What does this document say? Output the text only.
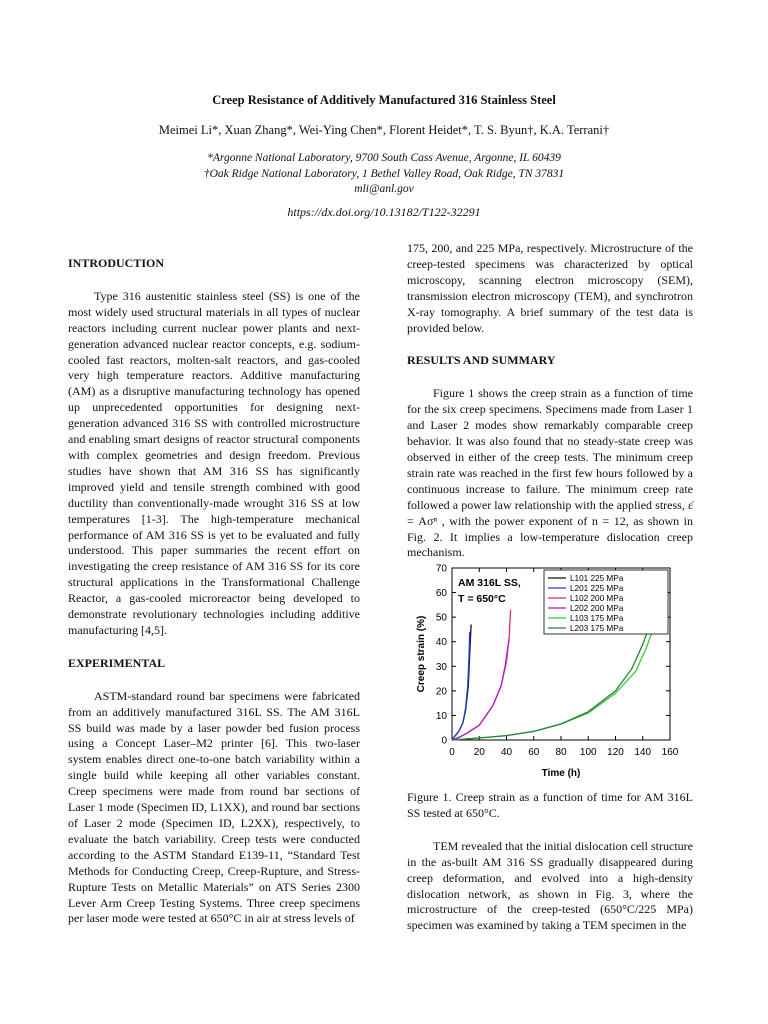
Creep Resistance of Additively Manufactured 316 Stainless Steel
Meimei Li*, Xuan Zhang*, Wei-Ying Chen*, Florent Heidet*, T. S. Byun†, K.A. Terrani†
*Argonne National Laboratory, 9700 South Cass Avenue, Argonne, IL 60439
†Oak Ridge National Laboratory, 1 Bethel Valley Road, Oak Ridge, TN 37831
mli@anl.gov
https://dx.doi.org/10.13182/T122-32291
INTRODUCTION

Type 316 austenitic stainless steel (SS) is one of the most widely used structural materials in all types of nuclear reactors including current nuclear power plants and next-generation advanced nuclear reactor concepts, e.g. sodium-cooled fast reactors, molten-salt reactors, and gas-cooled very high temperature reactors. Additive manufacturing (AM) as a disruptive manufacturing technology has opened up unprecedented opportunities for designing next-generation advanced 316 SS with controlled microstructure and enabling smart designs of reactor structural components with complex geometries and design freedom. Previous studies have shown that AM 316 SS has significantly improved yield and tensile strength combined with good ductility than conventionally-made wrought 316 SS at low temperatures [1-3]. The high-temperature mechanical performance of AM 316 SS is yet to be evaluated and fully understood. This paper summaries the recent effort on investigating the creep resistance of AM 316 SS for its core structural applications in the Transformational Challenge Reactor, a gas-cooled microreactor being developed to demonstrate revolutionary technologies including additive manufacturing [4,5].

EXPERIMENTAL

ASTM-standard round bar specimens were fabricated from an additively manufactured 316L SS. The AM 316L SS build was made by a laser powder bed fusion process using a Concept Laser–M2 printer [6]. This two-laser system enables direct one-to-one batch variability within a single build while keeping all other variables constant. Creep specimens were made from round bar sections of Laser 1 mode (Specimen ID, L1XX), and round bar sections of Laser 2 mode (Specimen ID, L2XX), respectively, to evaluate the batch variability. Creep tests were conducted according to the ASTM Standard E139-11, “Standard Test Methods for Conducting Creep, Creep-Rupture, and Stress-Rupture Tests on Metallic Materials” on ATS Series 2300 Lever Arm Creep Testing Systems. Three creep specimens per laser mode were tested at 650°C in air at stress levels of

175, 200, and 225 MPa, respectively. Microstructure of the creep-tested specimens was characterized by optical microscopy, scanning electron microscopy (SEM), transmission electron microscopy (TEM), and synchrotron X-ray tomography. A brief summary of the test data is provided below.

RESULTS AND SUMMARY

Figure 1 shows the creep strain as a function of time for the six creep specimens. Specimens made from Laser 1 and Laser 2 modes show remarkably comparable creep behavior. It was also found that no steady-state creep was observed in either of the creep tests. The minimum creep strain rate was reached in the first few hours followed by a continuous increase to failure. The minimum creep rate followed a power law relationship with the applied stress, ε̇ = Aσⁿ , with the power exponent of n = 12, as shown in Fig. 2. It implies a low-temperature dislocation creep mechanism.

0 20 40 60 80 100 120 140 160
0
10
20
30
40
50
60
70
Time (h)
Creep strain (%)
AM 316L SS,
T = 650°C
L101 225 MPa
L201 225 MPa
L102 200 MPa
L202 200 MPa
L103 175 MPa
L203 175 MPa

Figure 1. Creep strain as a function of time for AM 316L SS tested at 650°C.

TEM revealed that the initial dislocation cell structure in the as-built AM 316 SS gradually disappeared during creep deformation, and evolved into a high-density dislocation network, as shown in Fig. 3, where the microstructure of the creep-tested (650°C/225 MPa) specimen was examined by taking a TEM specimen in the
